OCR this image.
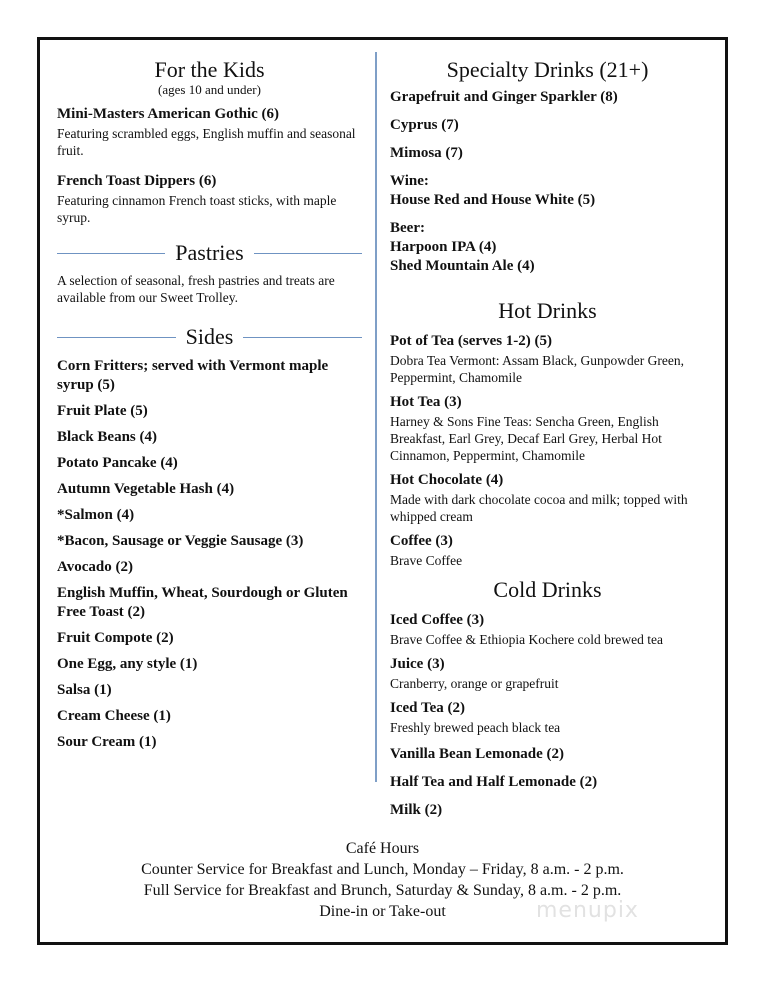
For the Kids
(ages 10 and under)
Mini-Masters American Gothic (6)
Featuring scrambled eggs, English muffin and seasonal fruit.
French Toast Dippers (6)
Featuring cinnamon French toast sticks, with maple syrup.
Pastries
A selection of seasonal, fresh pastries and treats are available from our Sweet Trolley.
Sides
Corn Fritters; served with Vermont maple syrup (5)
Fruit Plate (5)
Black Beans (4)
Potato Pancake (4)
Autumn Vegetable Hash (4)
*Salmon (4)
*Bacon, Sausage or Veggie Sausage (3)
Avocado (2)
English Muffin, Wheat, Sourdough or Gluten Free Toast (2)
Fruit Compote (2)
One Egg, any style (1)
Salsa (1)
Cream Cheese (1)
Sour Cream (1)
Specialty Drinks (21+)
Grapefruit and Ginger Sparkler (8)
Cyprus (7)
Mimosa (7)
Wine:
House Red and House White (5)
Beer:
Harpoon IPA (4)
Shed Mountain Ale (4)
Hot Drinks
Pot of Tea (serves 1-2) (5)
Dobra Tea Vermont: Assam Black, Gunpowder Green, Peppermint, Chamomile
Hot Tea (3)
Harney & Sons Fine Teas: Sencha Green, English Breakfast, Earl Grey, Decaf Earl Grey, Herbal Hot Cinnamon, Peppermint, Chamomile
Hot Chocolate (4)
Made with dark chocolate cocoa and milk; topped with whipped cream
Coffee (3)
Brave Coffee
Cold Drinks
Iced Coffee (3)
Brave Coffee & Ethiopia Kochere cold brewed tea
Juice (3)
Cranberry, orange or grapefruit
Iced Tea (2)
Freshly brewed peach black tea
Vanilla Bean Lemonade (2)
Half Tea and Half Lemonade (2)
Milk (2)
Café Hours
Counter Service for Breakfast and Lunch, Monday – Friday, 8 a.m. - 2 p.m.
Full Service for Breakfast and Brunch, Saturday & Sunday, 8 a.m. - 2 p.m.
Dine-in or Take-out	menupix
